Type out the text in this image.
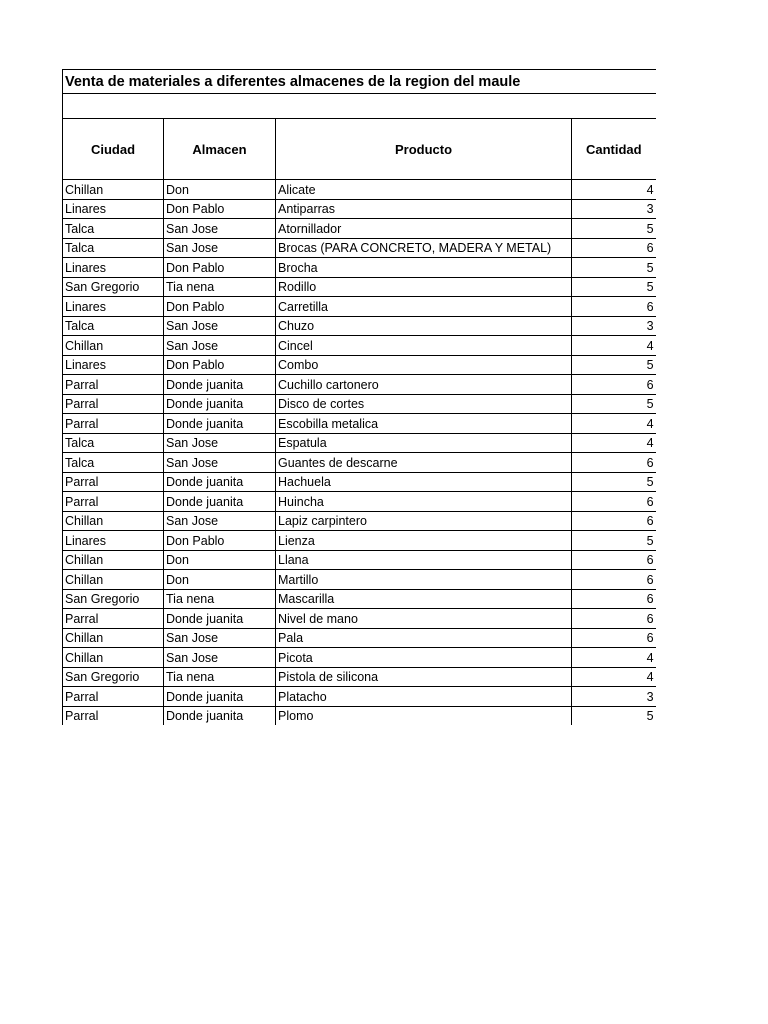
Venta de materiales a diferentes almacenes de la region del maule			

Ciudad	Almacen	Producto	Cantidad
Chillan	Don	Alicate	4
Linares	Don Pablo	Antiparras	3
Talca	San Jose	Atornillador	5
Talca	San Jose	Brocas (PARA CONCRETO, MADERA Y METAL)	6
Linares	Don Pablo	Brocha	5
San Gregorio	Tia nena	Rodillo	5
Linares	Don Pablo	Carretilla	6
Talca	San Jose	Chuzo	3
Chillan	San Jose	Cincel	4
Linares	Don Pablo	Combo	5
Parral	Donde juanita	Cuchillo cartonero	6
Parral	Donde juanita	Disco de cortes	5
Parral	Donde juanita	Escobilla metalica	4
Talca	San Jose	Espatula	4
Talca	San Jose	Guantes de descarne	6
Parral	Donde juanita	Hachuela	5
Parral	Donde juanita	Huincha	6
Chillan	San Jose	Lapiz carpintero	6
Linares	Don Pablo	Lienza	5
Chillan	Don	Llana	6
Chillan	Don	Martillo	6
San Gregorio	Tia nena	Mascarilla	6
Parral	Donde juanita	Nivel de mano	6
Chillan	San Jose	Pala	6
Chillan	San Jose	Picota	4
San Gregorio	Tia nena	Pistola de silicona	4
Parral	Donde juanita	Platacho	3
Parral	Donde juanita	Plomo	5
